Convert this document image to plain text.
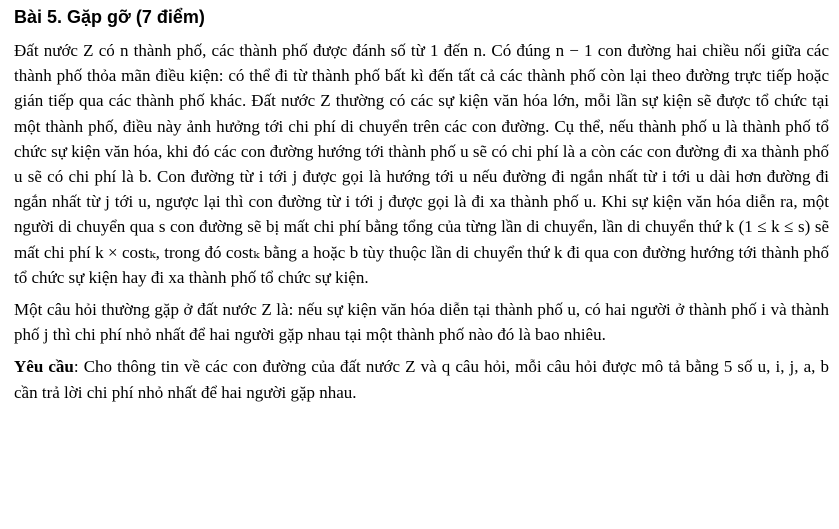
Bài 5. Gặp gỡ (7 điểm)

Đất nước Z có n thành phố, các thành phố được đánh số từ 1 đến n. Có đúng n − 1 con đường hai chiều nối giữa các thành phố thỏa mãn điều kiện: có thể đi từ thành phố bất kì đến tất cả các thành phố còn lại theo đường trực tiếp hoặc gián tiếp qua các thành phố khác. Đất nước Z thường có các sự kiện văn hóa lớn, mỗi lần sự kiện sẽ được tổ chức tại một thành phố, điều này ảnh hưởng tới chi phí di chuyển trên các con đường. Cụ thể, nếu thành phố u là thành phố tổ chức sự kiện văn hóa, khi đó các con đường hướng tới thành phố u sẽ có chi phí là a còn các con đường đi xa thành phố u sẽ có chi phí là b. Con đường từ i tới j được gọi là hướng tới u nếu đường đi ngắn nhất từ i tới u dài hơn đường đi ngắn nhất từ j tới u, ngược lại thì con đường từ i tới j được gọi là đi xa thành phố u. Khi sự kiện văn hóa diễn ra, một người di chuyển qua s con đường sẽ bị mất chi phí bằng tổng của từng lần di chuyển, lần di chuyển thứ k (1 ≤ k ≤ s) sẽ mất chi phí k × costₖ, trong đó costₖ bằng a hoặc b tùy thuộc lần di chuyển thứ k đi qua con đường hướng tới thành phố tổ chức sự kiện hay đi xa thành phố tổ chức sự kiện.

Một câu hỏi thường gặp ở đất nước Z là: nếu sự kiện văn hóa diễn tại thành phố u, có hai người ở thành phố i và thành phố j thì chi phí nhỏ nhất để hai người gặp nhau tại một thành phố nào đó là bao nhiêu.

Yêu cầu: Cho thông tin về các con đường của đất nước Z và q câu hỏi, mỗi câu hỏi được mô tả bằng 5 số u, i, j, a, b cần trả lời chi phí nhỏ nhất để hai người gặp nhau.
